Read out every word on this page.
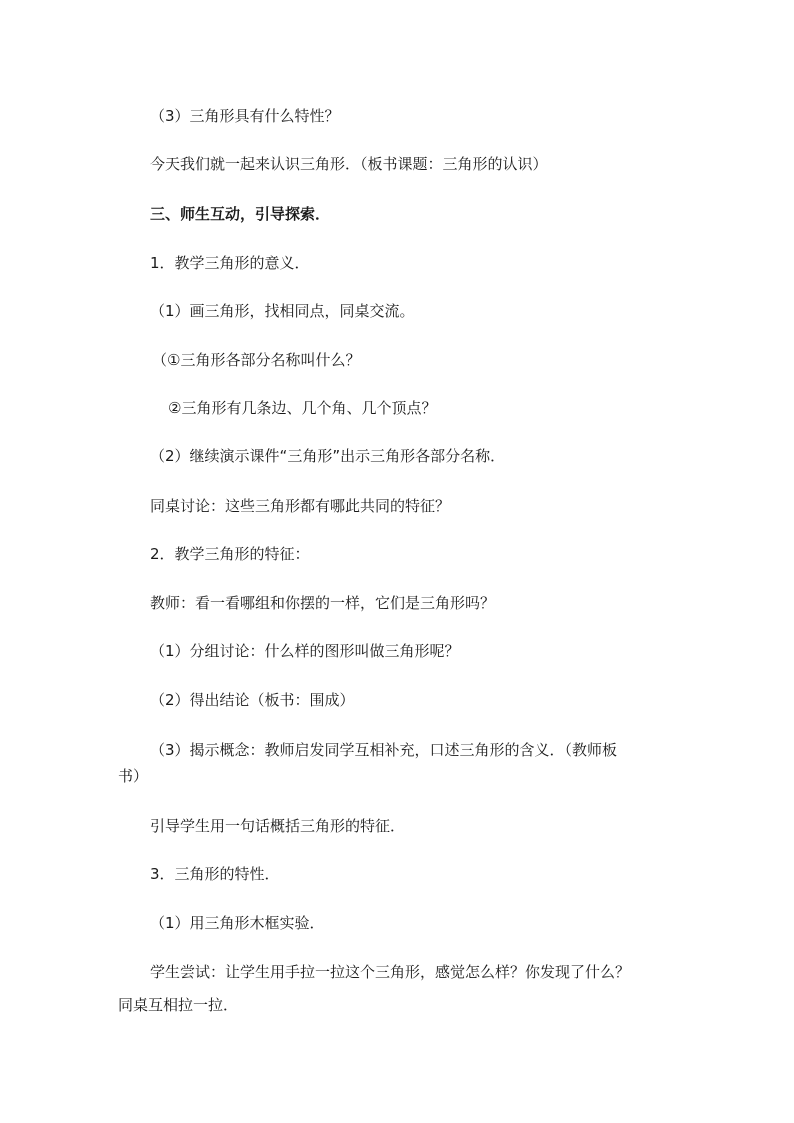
（3）三角形具有什么特性？
今天我们就一起来认识三角形．（板书课题：三角形的认识）
三、师生互动，引导探索．
1．教学三角形的意义．
（1）画三角形，找相同点，同桌交流。
（①三角形各部分名称叫什么？
②三角形有几条边、几个角、几个顶点？
（2）继续演示课件“三角形”出示三角形各部分名称．
同桌讨论：这些三角形都有哪此共同的特征？
2．教学三角形的特征：
教师：看一看哪组和你摆的一样，它们是三角形吗？
（1）分组讨论：什么样的图形叫做三角形呢？
（2）得出结论（板书：围成）
（3）揭示概念：教师启发同学互相补充，口述三角形的含义．（教师板
书）
引导学生用一句话概括三角形的特征．
3．三角形的特性．
（1）用三角形木框实验．
学生尝试：让学生用手拉一拉这个三角形，感觉怎么样？你发现了什么？
同桌互相拉一拉．
